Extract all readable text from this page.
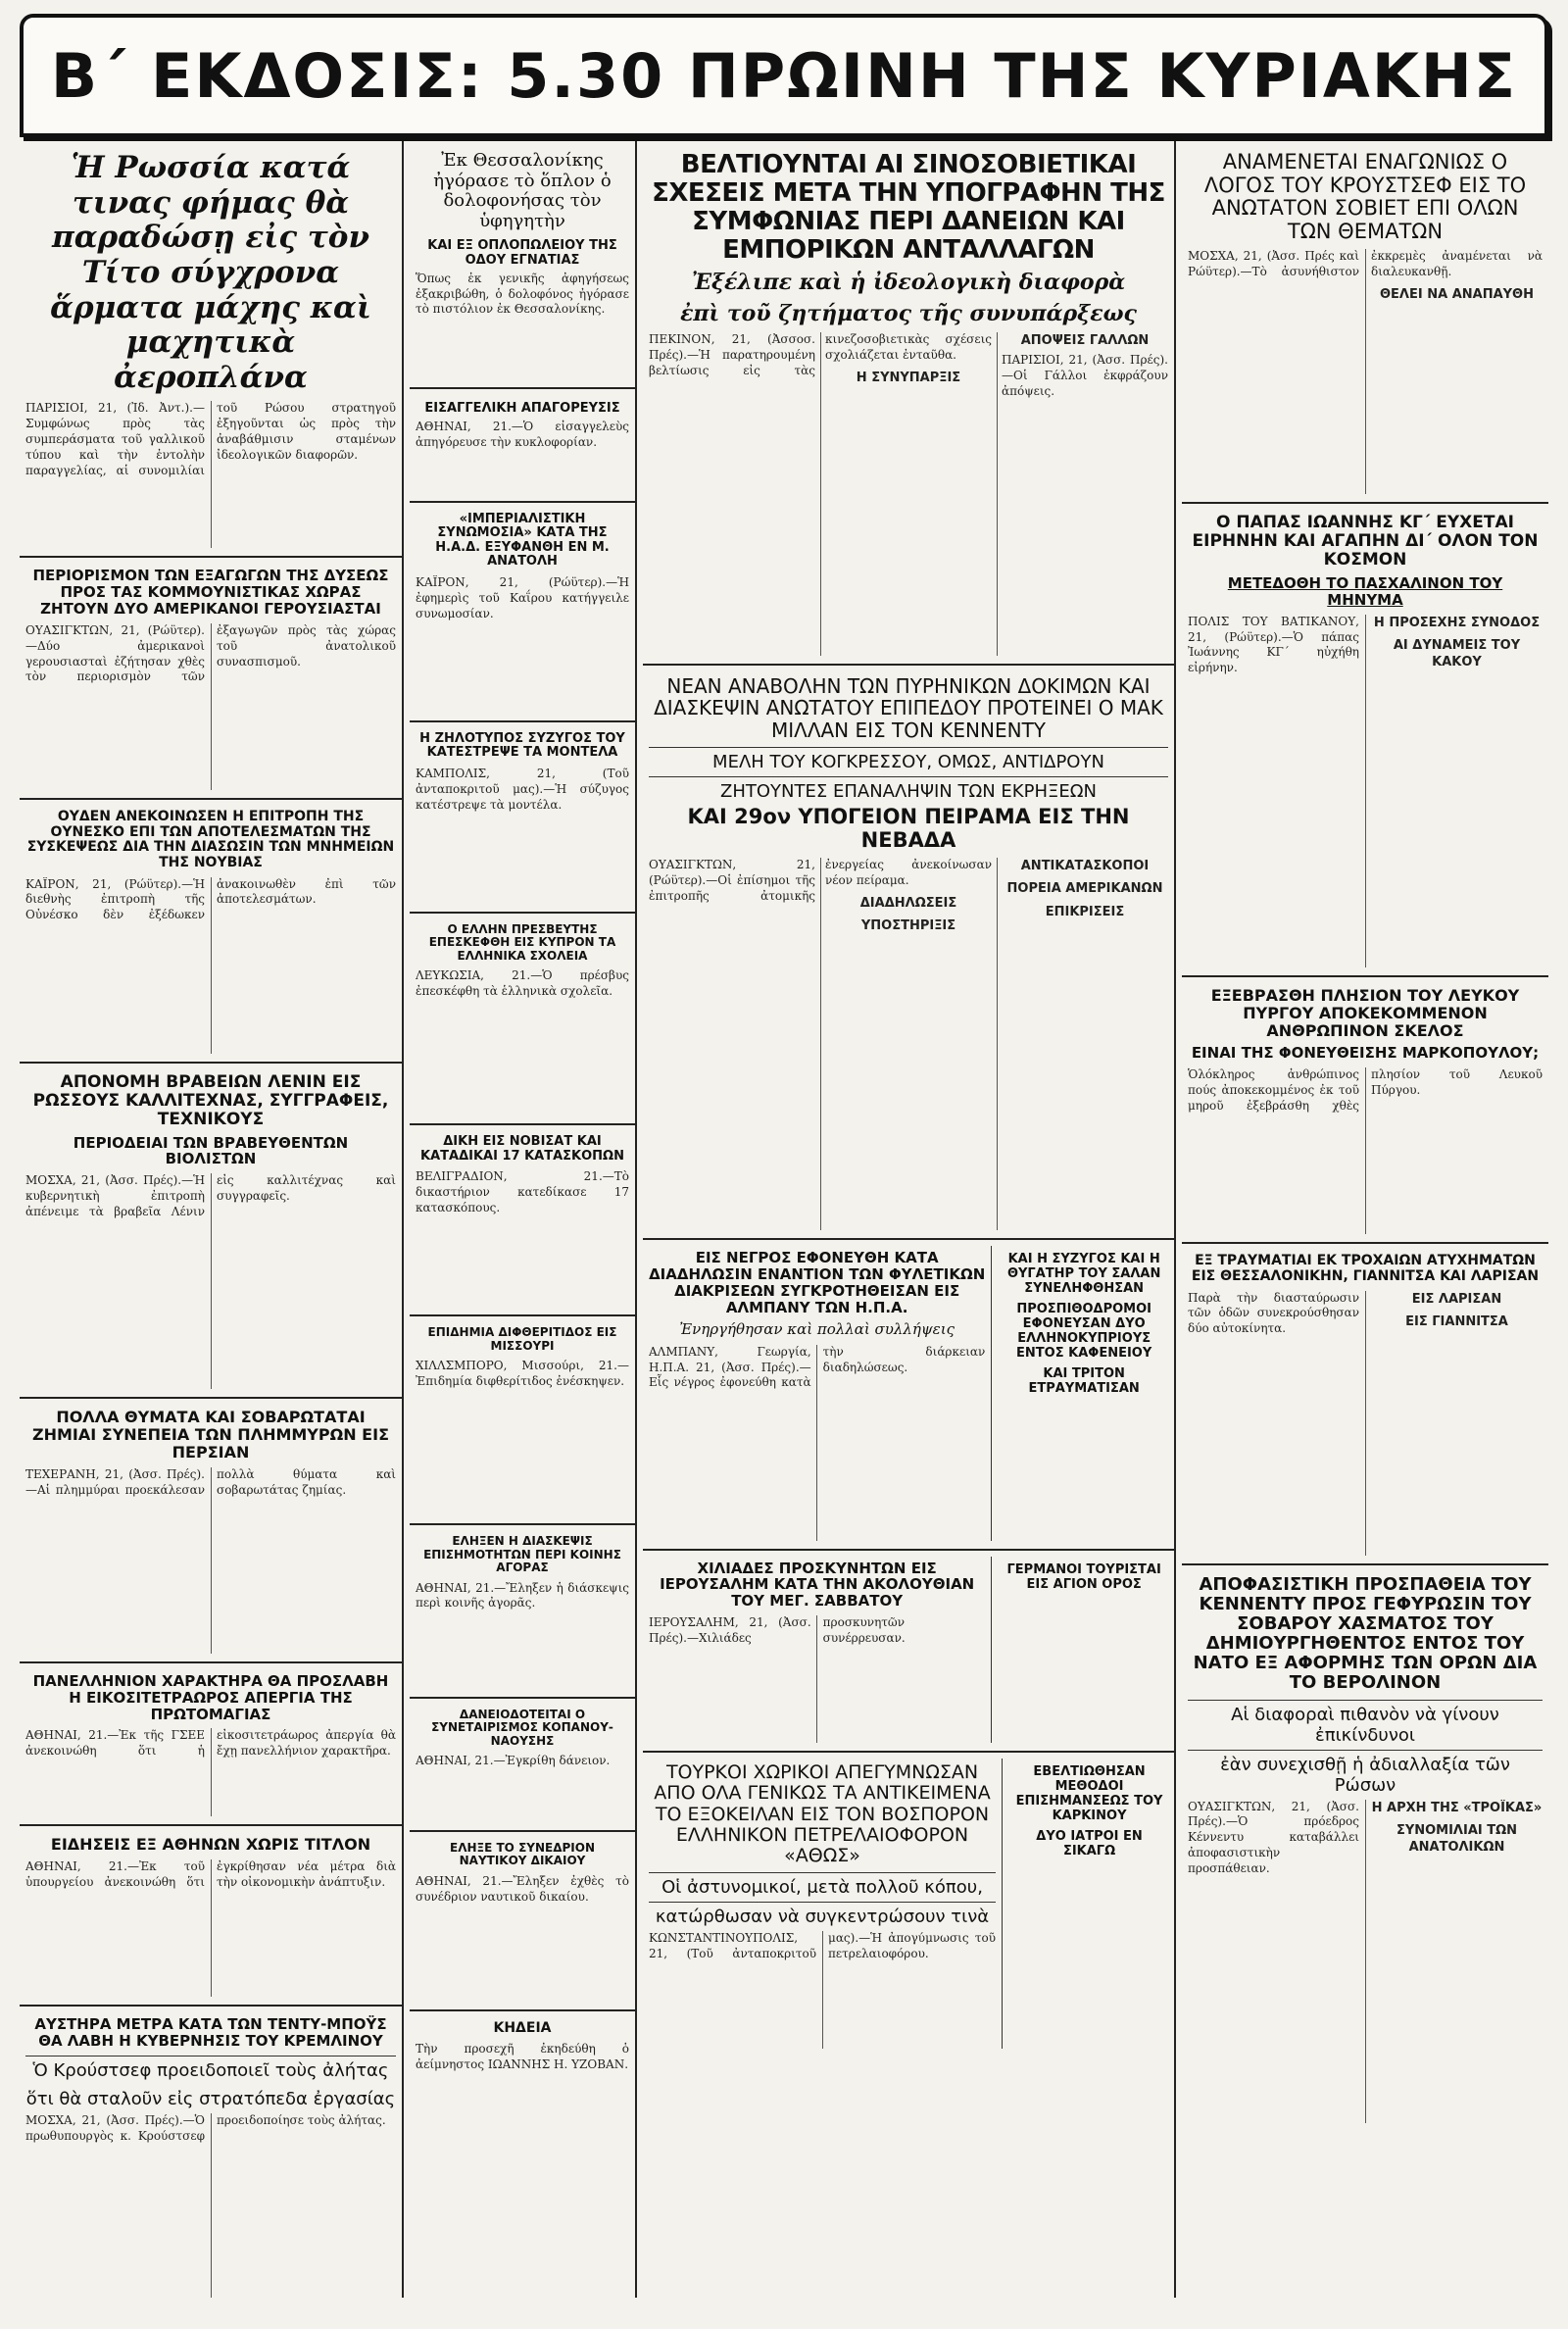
Β΄ ΕΚΔΟΣΙΣ: 5.30 ΠΡΩΙΝΗ ΤΗΣ ΚΥΡΙΑΚΗΣ
Ἡ Ρωσσία κατά τινας φήμας θὰ παραδώσῃ εἰς τὸν Τίτο σύγχρονα ἅρματα μάχης καὶ μαχητικὰ ἀεροπλάνα
ΠΑΡΙΣΙΟΙ, 21, (Ἰδ. Ἀντ.).—Συμφώνως πρὸς τὰς συμπεράσματα τοῦ γαλλικοῦ τύπου καὶ τὴν ἐντολὴν παραγγελίας, αἱ συνομιλίαι τοῦ Ρώσου στρατηγοῦ ἐξηγοῦνται ὡς πρὸς τὴν ἀναβάθμισιν σταμένων ἰδεολογικῶν διαφορῶν.
ΠΕΡΙΟΡΙΣΜΟΝ ΤΩΝ ΕΞΑΓΩΓΩΝ ΤΗΣ ΔΥΣΕΩΣ ΠΡΟΣ ΤΑΣ ΚΟΜΜΟΥΝΙΣΤΙΚΑΣ ΧΩΡΑΣ ΖΗΤΟΥΝ ΔΥΟ ΑΜΕΡΙΚΑΝΟΙ ΓΕΡΟΥΣΙΑΣΤΑΙ
ΟΥΑΣΙΓΚΤΩΝ, 21, (Ρώϋτερ).—Δύο ἀμερικανοὶ γερουσιασταὶ ἐζήτησαν χθὲς τὸν περιορισμὸν τῶν ἐξαγωγῶν πρὸς τὰς χώρας τοῦ ἀνατολικοῦ συνασπισμοῦ.
ΟΥΔΕΝ ΑΝΕΚΟΙΝΩΣΕΝ Η ΕΠΙΤΡΟΠΗ ΤΗΣ ΟΥΝΕΣΚΟ ΕΠΙ ΤΩΝ ΑΠΟΤΕΛΕΣΜΑΤΩΝ ΤΗΣ ΣΥΣΚΕΨΕΩΣ ΔΙΑ ΤΗΝ ΔΙΑΣΩΣΙΝ ΤΩΝ ΜΝΗΜΕΙΩΝ ΤΗΣ ΝΟΥΒΙΑΣ
ΚΑΪΡΟΝ, 21, (Ρώϋτερ).—Ἡ διεθνὴς ἐπιτροπὴ τῆς Οὐνέσκο δὲν ἐξέδωκεν ἀνακοινωθὲν ἐπὶ τῶν ἀποτελεσμάτων.
ΑΠΟΝΟΜΗ ΒΡΑΒΕΙΩΝ ΛΕΝΙΝ ΕΙΣ ΡΩΣΣΟΥΣ ΚΑΛΛΙΤΕΧΝΑΣ, ΣΥΓΓΡΑΦΕΙΣ, ΤΕΧΝΙΚΟΥΣ
ΠΕΡΙΟΔΕΙΑΙ ΤΩΝ ΒΡΑΒΕΥΘΕΝΤΩΝ ΒΙΟΛΙΣΤΩΝ
ΜΟΣΧΑ, 21, (Ἀσσ. Πρές).—Ἡ κυβερνητικὴ ἐπιτροπὴ ἀπένειμε τὰ βραβεῖα Λένιν εἰς καλλιτέχνας καὶ συγγραφεῖς.
ΠΟΛΛΑ ΘΥΜΑΤΑ ΚΑΙ ΣΟΒΑΡΩΤΑΤΑΙ ΖΗΜΙΑΙ ΣΥΝΕΠΕΙΑ ΤΩΝ ΠΛΗΜΜΥΡΩΝ ΕΙΣ ΠΕΡΣΙΑΝ
ΤΕΧΕΡΑΝΗ, 21, (Ἀσσ. Πρές).—Αἱ πλημμύραι προεκάλεσαν πολλὰ θύματα καὶ σοβαρωτάτας ζημίας.
ΠΑΝΕΛΛΗΝΙΟΝ ΧΑΡΑΚΤΗΡΑ ΘΑ ΠΡΟΣΛΑΒΗ Η ΕΙΚΟΣΙΤΕΤΡΑΩΡΟΣ ΑΠΕΡΓΙΑ ΤΗΣ ΠΡΩΤΟΜΑΓΙΑΣ
ΑΘΗΝΑΙ, 21.—Ἐκ τῆς ΓΣΕΕ ἀνεκοινώθη ὅτι ἡ εἰκοσιτετράωρος ἀπεργία θὰ ἔχῃ πανελλήνιον χαρακτῆρα.
ΕΙΔΗΣΕΙΣ ΕΞ ΑΘΗΝΩΝ ΧΩΡΙΣ ΤΙΤΛΟΝ
ΑΘΗΝΑΙ, 21.—Ἐκ τοῦ ὑπουργείου ἀνεκοινώθη ὅτι ἐγκρίθησαν νέα μέτρα διὰ τὴν οἰκονομικὴν ἀνάπτυξιν.
ΑΥΣΤΗΡΑ ΜΕΤΡΑ ΚΑΤΑ ΤΩΝ ΤΕΝΤΥ-ΜΠΟΫΣ ΘΑ ΛΑΒΗ Η ΚΥΒΕΡΝΗΣΙΣ ΤΟΥ ΚΡΕΜΛΙΝΟΥ
Ὁ Κρούστσεφ προειδοποιεῖ τοὺς ἀλήτας
ὅτι θὰ σταλοῦν εἰς στρατόπεδα ἐργασίας
ΜΟΣΧΑ, 21, (Ἀσσ. Πρές).—Ὁ πρωθυπουργὸς κ. Κρούστσεφ προειδοποίησε τοὺς ἀλήτας.
Ἐκ Θεσσαλονίκης ἠγόρασε τὸ ὅπλον ὁ δολοφονήσας τὸν ὑφηγητὴν
ΚΑΙ ΕΞ ΟΠΛΟΠΩΛΕΙΟΥ ΤΗΣ ΟΔΟΥ ΕΓΝΑΤΙΑΣ
Ὅπως ἐκ γενικῆς ἀφηγήσεως ἐξακριβώθη, ὁ δολοφόνος ἠγόρασε τὸ πιστόλιον ἐκ Θεσσαλονίκης.
ΕΙΣΑΓΓΕΛΙΚΗ ΑΠΑΓΟΡΕΥΣΙΣ
ΑΘΗΝΑΙ, 21.—Ὁ εἰσαγγελεὺς ἀπηγόρευσε τὴν κυκλοφορίαν.
«ΙΜΠΕΡΙΑΛΙΣΤΙΚΗ ΣΥΝΩΜΟΣΙΑ» ΚΑΤΑ ΤΗΣ Η.Α.Δ. ΕΞΥΦΑΝΘΗ ΕΝ Μ. ΑΝΑΤΟΛΗ
ΚΑΪΡΟΝ, 21, (Ρώϋτερ).—Ἡ ἐφημερὶς τοῦ Καΐρου κατήγγειλε συνωμοσίαν.
Η ΖΗΛΟΤΥΠΟΣ ΣΥΖΥΓΟΣ ΤΟΥ ΚΑΤΕΣΤΡΕΨΕ ΤΑ ΜΟΝΤΕΛΑ
ΚΑΜΠΟΛΙΣ, 21, (Τοῦ ἀνταποκριτοῦ μας).—Ἡ σύζυγος κατέστρεψε τὰ μοντέλα.
Ο ΕΛΛΗΝ ΠΡΕΣΒΕΥΤΗΣ ΕΠΕΣΚΕΦΘΗ ΕΙΣ ΚΥΠΡΟΝ ΤΑ ΕΛΛΗΝΙΚΑ ΣΧΟΛΕΙΑ
ΛΕΥΚΩΣΙΑ, 21.—Ὁ πρέσβυς ἐπεσκέφθη τὰ ἑλληνικὰ σχολεῖα.
ΔΙΚΗ ΕΙΣ ΝΟΒΙΣΑΤ ΚΑΙ ΚΑΤΑΔΙΚΑΙ 17 ΚΑΤΑΣΚΟΠΩΝ
ΒΕΛΙΓΡΑΔΙΟΝ, 21.—Τὸ δικαστήριον κατεδίκασε 17 κατασκόπους.
ΕΠΙΔΗΜΙΑ ΔΙΦΘΕΡΙΤΙΔΟΣ ΕΙΣ ΜΙΣΣΟΥΡΙ
ΧΙΛΛΣΜΠΟΡΟ, Μισσούρι, 21.—Ἐπιδημία διφθερίτιδος ἐνέσκηψεν.
ΕΛΗΞΕΝ Η ΔΙΑΣΚΕΨΙΣ ΕΠΙΣΗΜΟΤΗΤΩΝ ΠΕΡΙ ΚΟΙΝΗΣ ΑΓΟΡΑΣ
ΑΘΗΝΑΙ, 21.—Ἔληξεν ἡ διάσκεψις περὶ κοινῆς ἀγορᾶς.
ΔΑΝΕΙΟΔΟΤΕΙΤΑΙ Ο ΣΥΝΕΤΑΙΡΙΣΜΟΣ ΚΟΠΑΝΟΥ-ΝΑΟΥΣΗΣ
ΑΘΗΝΑΙ, 21.—Ἐγκρίθη δάνειον.
ΕΛΗΞΕ ΤΟ ΣΥΝΕΔΡΙΟΝ ΝΑΥΤΙΚΟΥ ΔΙΚΑΙΟΥ
ΑΘΗΝΑΙ, 21.—Ἔληξεν ἐχθὲς τὸ συνέδριον ναυτικοῦ δικαίου.
ΚΗΔΕΙΑ
Τὴν προσεχῆ ἐκηδεύθη ὁ ἀείμνηστος ΙΩΑΝΝΗΣ Η. ΥΖΟΒΑΝ.
ΒΕΛΤΙΟΥΝΤΑΙ ΑΙ ΣΙΝΟΣΟΒΙΕΤΙΚΑΙ ΣΧΕΣΕΙΣ ΜΕΤΑ ΤΗΝ ΥΠΟΓΡΑΦΗΝ ΤΗΣ ΣΥΜΦΩΝΙΑΣ ΠΕΡΙ ΔΑΝΕΙΩΝ ΚΑΙ ΕΜΠΟΡΙΚΩΝ ΑΝΤΑΛΛΑΓΩΝ
Ἐξέλιπε καὶ ἡ ἰδεολογικὴ διαφορὰ
ἐπὶ τοῦ ζητήματος τῆς συνυπάρξεως
ΠΕΚΙΝΟΝ, 21, (Ἀσσοσ. Πρές).—Ἡ παρατηρουμένη βελτίωσις εἰς τὰς κινεζοσοβιετικὰς σχέσεις σχολιάζεται ἐνταῦθα.
Η ΣΥΝΥΠΑΡΞΙΣ
ΑΠΟΨΕΙΣ ΓΑΛΛΩΝ
ΠΑΡΙΣΙΟΙ, 21, (Ἀσσ. Πρές).—Οἱ Γάλλοι ἐκφράζουν ἀπόψεις.
ΝΕΑΝ ΑΝΑΒΟΛΗΝ ΤΩΝ ΠΥΡΗΝΙΚΩΝ ΔΟΚΙΜΩΝ ΚΑΙ ΔΙΑΣΚΕΨΙΝ ΑΝΩΤΑΤΟΥ ΕΠΙΠΕΔΟΥ ΠΡΟΤΕΙΝΕΙ Ο ΜΑΚ ΜΙΛΛΑΝ ΕΙΣ ΤΟΝ ΚΕΝΝΕΝΤΥ
ΜΕΛΗ ΤΟΥ ΚΟΓΚΡΕΣΣΟΥ, ΟΜΩΣ, ΑΝΤΙΔΡΟΥΝ
ΖΗΤΟΥΝΤΕΣ ΕΠΑΝΑΛΗΨΙΝ ΤΩΝ ΕΚΡΗΞΕΩΝ
ΚΑΙ 29ον ΥΠΟΓΕΙΟΝ ΠΕΙΡΑΜΑ ΕΙΣ ΤΗΝ ΝΕΒΑΔΑ
ΟΥΑΣΙΓΚΤΩΝ, 21, (Ρώϋτερ).—Οἱ ἐπίσημοι τῆς ἐπιτροπῆς ἀτομικῆς ἐνεργείας ἀνεκοίνωσαν νέον πείραμα.
ΔΙΑΔΗΛΩΣΕΙΣ
ΥΠΟΣΤΗΡΙΞΙΣ
ΑΝΤΙΚΑΤΑΣΚΟΠΟΙ
ΠΟΡΕΙΑ ΑΜΕΡΙΚΑΝΩΝ
ΕΠΙΚΡΙΣΕΙΣ
ΕΙΣ ΝΕΓΡΟΣ ΕΦΟΝΕΥΘΗ ΚΑΤΑ ΔΙΑΔΗΛΩΣΙΝ ΕΝΑΝΤΙΟΝ ΤΩΝ ΦΥΛΕΤΙΚΩΝ ΔΙΑΚΡΙΣΕΩΝ ΣΥΓΚΡΟΤΗΘΕΙΣΑΝ ΕΙΣ ΑΛΜΠΑΝΥ ΤΩΝ Η.Π.Α.
Ἐνηργήθησαν καὶ πολλαὶ συλλήψεις
ΑΛΜΠΑΝΥ, Γεωργία, Η.Π.Α. 21, (Ἀσσ. Πρές).—Εἷς νέγρος ἐφονεύθη κατὰ τὴν διάρκειαν διαδηλώσεως.
ΚΑΙ Η ΣΥΖΥΓΟΣ ΚΑΙ Η ΘΥΓΑΤΗΡ ΤΟΥ ΣΑΛΑΝ ΣΥΝΕΛΗΦΘΗΣΑΝ
ΠΡΟΣΠΙΘΟΔΡΟΜΟΙ ΕΦΟΝΕΥΣΑΝ ΔΥΟ ΕΛΛΗΝΟΚΥΠΡΙΟΥΣ ΕΝΤΟΣ ΚΑΦΕΝΕΙΟΥ
ΚΑΙ ΤΡΙΤΟΝ ΕΤΡΑΥΜΑΤΙΣΑΝ
ΧΙΛΙΑΔΕΣ ΠΡΟΣΚΥΝΗΤΩΝ ΕΙΣ ΙΕΡΟΥΣΑΛΗΜ ΚΑΤΑ ΤΗΝ ΑΚΟΛΟΥΘΙΑΝ ΤΟΥ ΜΕΓ. ΣΑΒΒΑΤΟΥ
ΙΕΡΟΥΣΑΛΗΜ, 21, (Ἀσσ. Πρές).—Χιλιάδες προσκυνητῶν συνέρρευσαν.
ΓΕΡΜΑΝΟΙ ΤΟΥΡΙΣΤΑΙ ΕΙΣ ΑΓΙΟΝ ΟΡΟΣ
ΤΟΥΡΚΟΙ ΧΩΡΙΚΟΙ ΑΠΕΓΥΜΝΩΣΑΝ ΑΠΟ ΟΛΑ ΓΕΝΙΚΩΣ ΤΑ ΑΝΤΙΚΕΙΜΕΝΑ ΤΟ ΕΞΟΚΕΙΛΑΝ ΕΙΣ ΤΟΝ ΒΟΣΠΟΡΟΝ ΕΛΛΗΝΙΚΟΝ ΠΕΤΡΕΛΑΙΟΦΟΡΟΝ «ΑΘΩΣ»
Οἱ ἀστυνομικοί, μετὰ πολλοῦ κόπου,
κατώρθωσαν νὰ συγκεντρώσουν τινὰ
ΚΩΝΣΤΑΝΤΙΝΟΥΠΟΛΙΣ, 21, (Τοῦ ἀνταποκριτοῦ μας).—Ἡ ἀπογύμνωσις τοῦ πετρελαιοφόρου.
ΕΒΕΛΤΙΩΘΗΣΑΝ ΜΕΘΟΔΟΙ ΕΠΙΣΗΜΑΝΣΕΩΣ ΤΟΥ ΚΑΡΚΙΝΟΥ
ΔΥΟ ΙΑΤΡΟΙ ΕΝ ΣΙΚΑΓΩ
ΑΝΑΜΕΝΕΤΑΙ ΕΝΑΓΩΝΙΩΣ Ο ΛΟΓΟΣ ΤΟΥ ΚΡΟΥΣΤΣΕΦ ΕΙΣ ΤΟ ΑΝΩΤΑΤΟΝ ΣΟΒΙΕΤ ΕΠΙ ΟΛΩΝ ΤΩΝ ΘΕΜΑΤΩΝ
ΜΟΣΧΑ, 21, (Ἀσσ. Πρές καὶ Ρώϋτερ).—Τὸ ἀσυνήθιστον ἐκκρεμὲς ἀναμένεται νὰ διαλευκανθῇ.
ΘΕΛΕΙ ΝΑ ΑΝΑΠΑΥΘΗ
Ο ΠΑΠΑΣ ΙΩΑΝΝΗΣ ΚΓ΄ ΕΥΧΕΤΑΙ ΕΙΡΗΝΗΝ ΚΑΙ ΑΓΑΠΗΝ ΔΙ΄ ΟΛΟΝ ΤΟΝ ΚΟΣΜΟΝ
ΜΕΤΕΔΟΘΗ ΤΟ ΠΑΣΧΑΛΙΝΟΝ ΤΟΥ ΜΗΝΥΜΑ
ΠΟΛΙΣ ΤΟΥ ΒΑΤΙΚΑΝΟΥ, 21, (Ρώϋτερ).—Ὁ πάπας Ἰωάννης ΚΓ΄ ηὐχήθη εἰρήνην.
Η ΠΡΟΣΕΧΗΣ ΣΥΝΟΔΟΣ
ΑΙ ΔΥΝΑΜΕΙΣ ΤΟΥ ΚΑΚΟΥ
ΕΞΕΒΡΑΣΘΗ ΠΛΗΣΙΟΝ ΤΟΥ ΛΕΥΚΟΥ ΠΥΡΓΟΥ ΑΠΟΚΕΚΟΜΜΕΝΟΝ ΑΝΘΡΩΠΙΝΟΝ ΣΚΕΛΟΣ
ΕΙΝΑΙ ΤΗΣ ΦΟΝΕΥΘΕΙΣΗΣ ΜΑΡΚΟΠΟΥΛΟΥ;
Ὁλόκληρος ἀνθρώπινος πούς ἀποκεκομμένος ἐκ τοῦ μηροῦ ἐξεβράσθη χθὲς πλησίον τοῦ Λευκοῦ Πύργου.
ΕΞ ΤΡΑΥΜΑΤΙΑΙ ΕΚ ΤΡΟΧΑΙΩΝ ΑΤΥΧΗΜΑΤΩΝ ΕΙΣ ΘΕΣΣΑΛΟΝΙΚΗΝ, ΓΙΑΝΝΙΤΣΑ ΚΑΙ ΛΑΡΙΣΑΝ
Παρὰ τὴν διασταύρωσιν τῶν ὁδῶν συνεκρούσθησαν δύο αὐτοκίνητα.
ΕΙΣ ΛΑΡΙΣΑΝ
ΕΙΣ ΓΙΑΝΝΙΤΣΑ
ΑΠΟΦΑΣΙΣΤΙΚΗ ΠΡΟΣΠΑΘΕΙΑ ΤΟΥ ΚΕΝΝΕΝΤΥ ΠΡΟΣ ΓΕΦΥΡΩΣΙΝ ΤΟΥ ΣΟΒΑΡΟΥ ΧΑΣΜΑΤΟΣ ΤΟΥ ΔΗΜΙΟΥΡΓΗΘΕΝΤΟΣ ΕΝΤΟΣ ΤΟΥ ΝΑΤΟ ΕΞ ΑΦΟΡΜΗΣ ΤΩΝ ΟΡΩΝ ΔΙΑ ΤΟ ΒΕΡΟΛΙΝΟΝ
Αἱ διαφοραὶ πιθανὸν νὰ γίνουν ἐπικίνδυνοι
ἐὰν συνεχισθῇ ἡ ἀδιαλλαξία τῶν Ρώσων
ΟΥΑΣΙΓΚΤΩΝ, 21, (Ἀσσ. Πρές).—Ὁ πρόεδρος Κέννεντυ καταβάλλει ἀποφασιστικὴν προσπάθειαν.
Η ΑΡΧΗ ΤΗΣ «ΤΡΟΪΚΑΣ»
ΣΥΝΟΜΙΛΙΑΙ ΤΩΝ ΑΝΑΤΟΛΙΚΩΝ
